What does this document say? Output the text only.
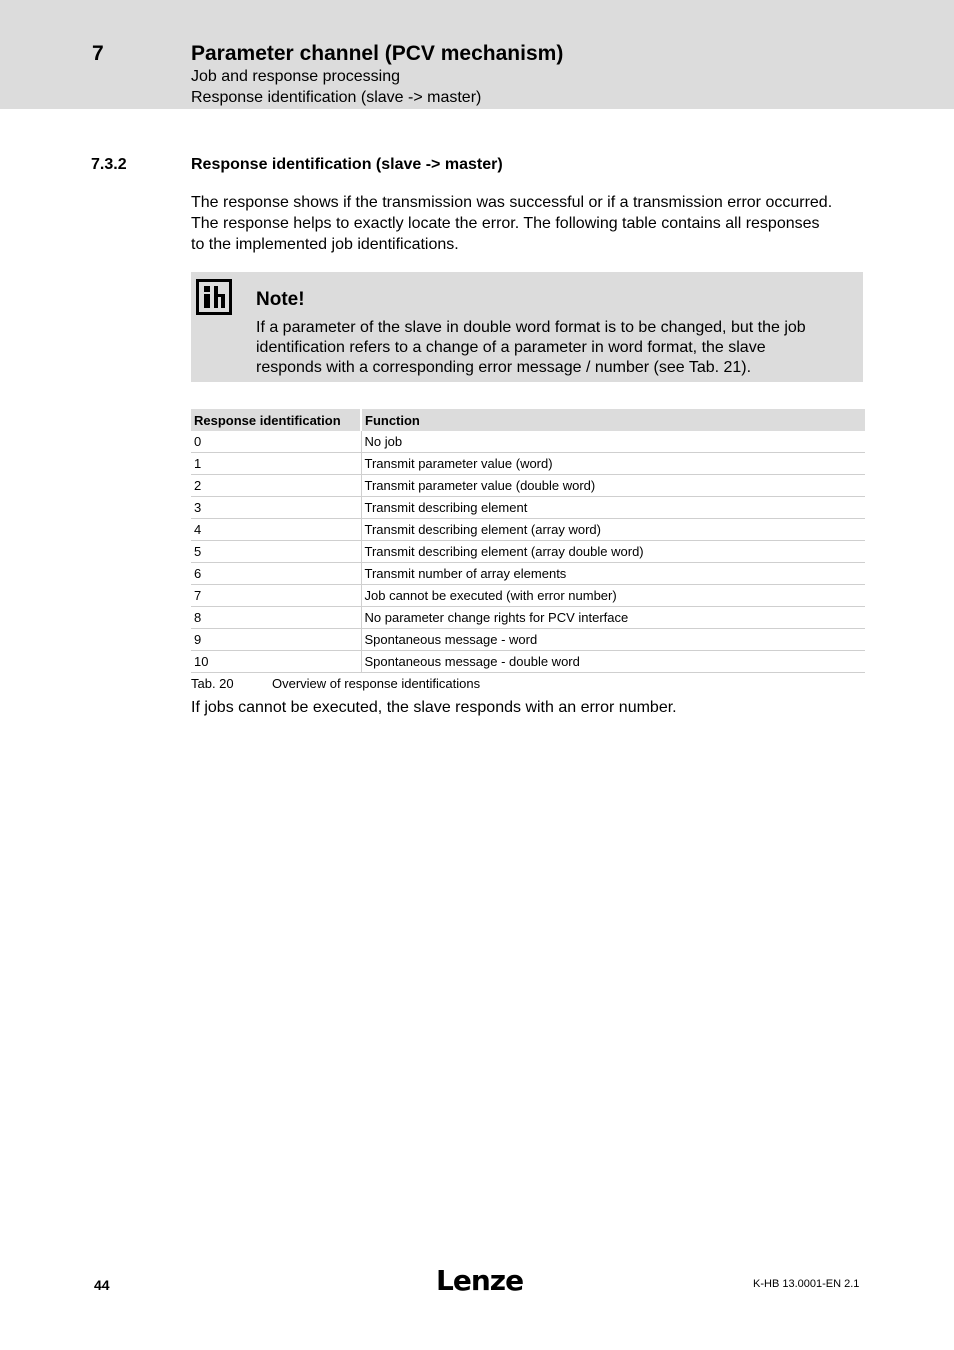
7	Parameter channel (PCV mechanism)
Job and response processing
Response identification (slave -> master)
7.3.2	Response identification (slave -> master)

The response shows if the transmission was successful or if a transmission error occurred.
The response helps to exactly locate the error. The following table contains all responses
to the implemented job identifications.

Note!
If a parameter of the slave in double word format is to be changed, but the job
identification refers to a change of a parameter in word format, the slave
responds with a corresponding error message / number (see Tab. 21).
Response identification	Function
0	No job
1	Transmit parameter value (word)
2	Transmit parameter value (double word)
3	Transmit describing element
4	Transmit describing element (array word)
5	Transmit describing element (array double word)
6	Transmit number of array elements
7	Job cannot be executed (with error number)
8	No parameter change rights for PCV interface
9	Spontaneous message - word
10	Spontaneous message - double word
Tab. 20	Overview of response identifications
If jobs cannot be executed, the slave responds with an error number.
44	Lenze	K-HB 13.0001-EN 2.1
